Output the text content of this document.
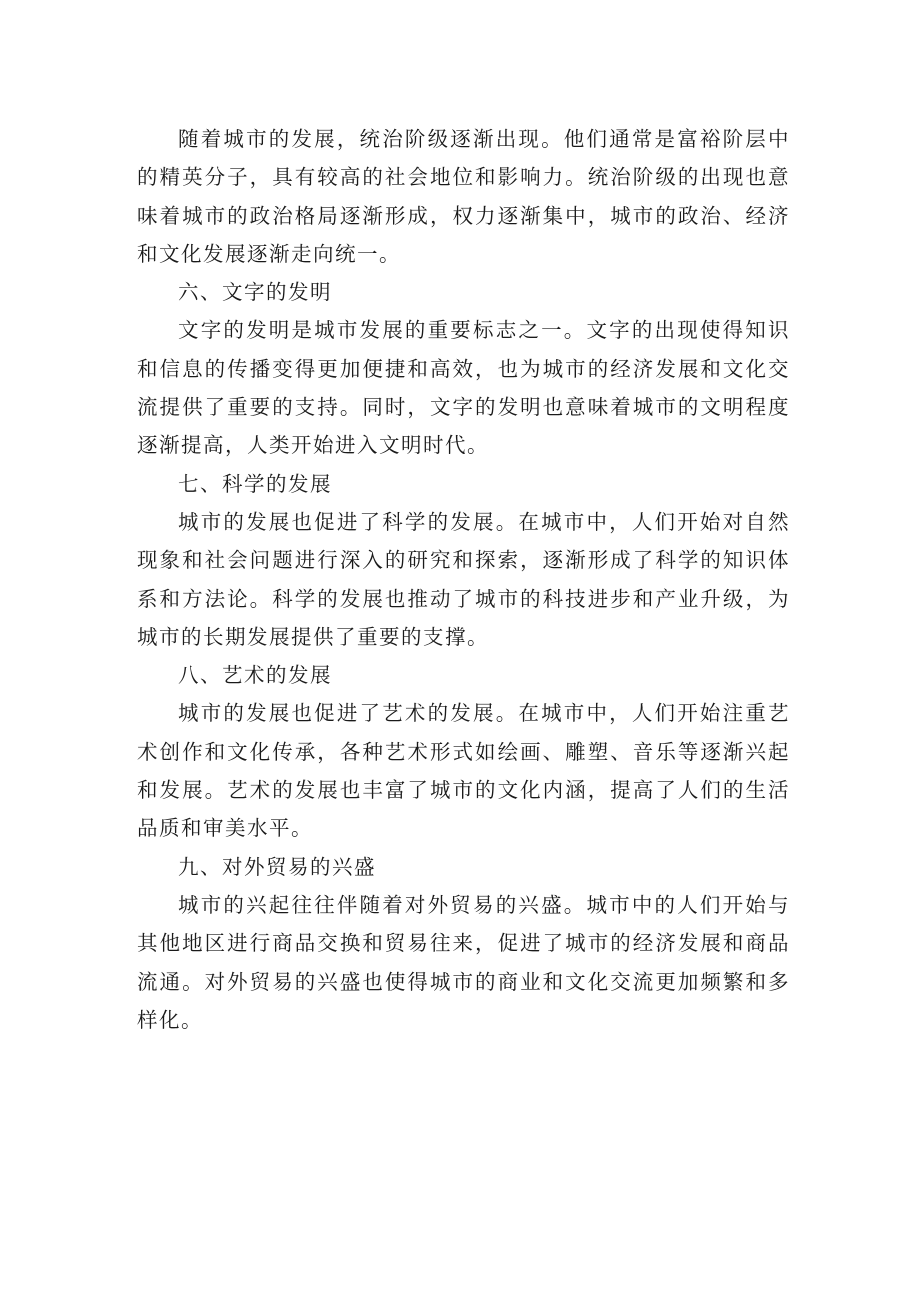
随着城市的发展，统治阶级逐渐出现。他们通常是富裕阶层中的精英分子，具有较高的社会地位和影响力。统治阶级的出现也意味着城市的政治格局逐渐形成，权力逐渐集中，城市的政治、经济和文化发展逐渐走向统一。

六、文字的发明

文字的发明是城市发展的重要标志之一。文字的出现使得知识和信息的传播变得更加便捷和高效，也为城市的经济发展和文化交流提供了重要的支持。同时，文字的发明也意味着城市的文明程度逐渐提高，人类开始进入文明时代。

七、科学的发展

城市的发展也促进了科学的发展。在城市中，人们开始对自然现象和社会问题进行深入的研究和探索，逐渐形成了科学的知识体系和方法论。科学的发展也推动了城市的科技进步和产业升级，为城市的长期发展提供了重要的支撑。

八、艺术的发展

城市的发展也促进了艺术的发展。在城市中，人们开始注重艺术创作和文化传承，各种艺术形式如绘画、雕塑、音乐等逐渐兴起和发展。艺术的发展也丰富了城市的文化内涵，提高了人们的生活品质和审美水平。

九、对外贸易的兴盛

城市的兴起往往伴随着对外贸易的兴盛。城市中的人们开始与其他地区进行商品交换和贸易往来，促进了城市的经济发展和商品流通。对外贸易的兴盛也使得城市的商业和文化交流更加频繁和多样化。
